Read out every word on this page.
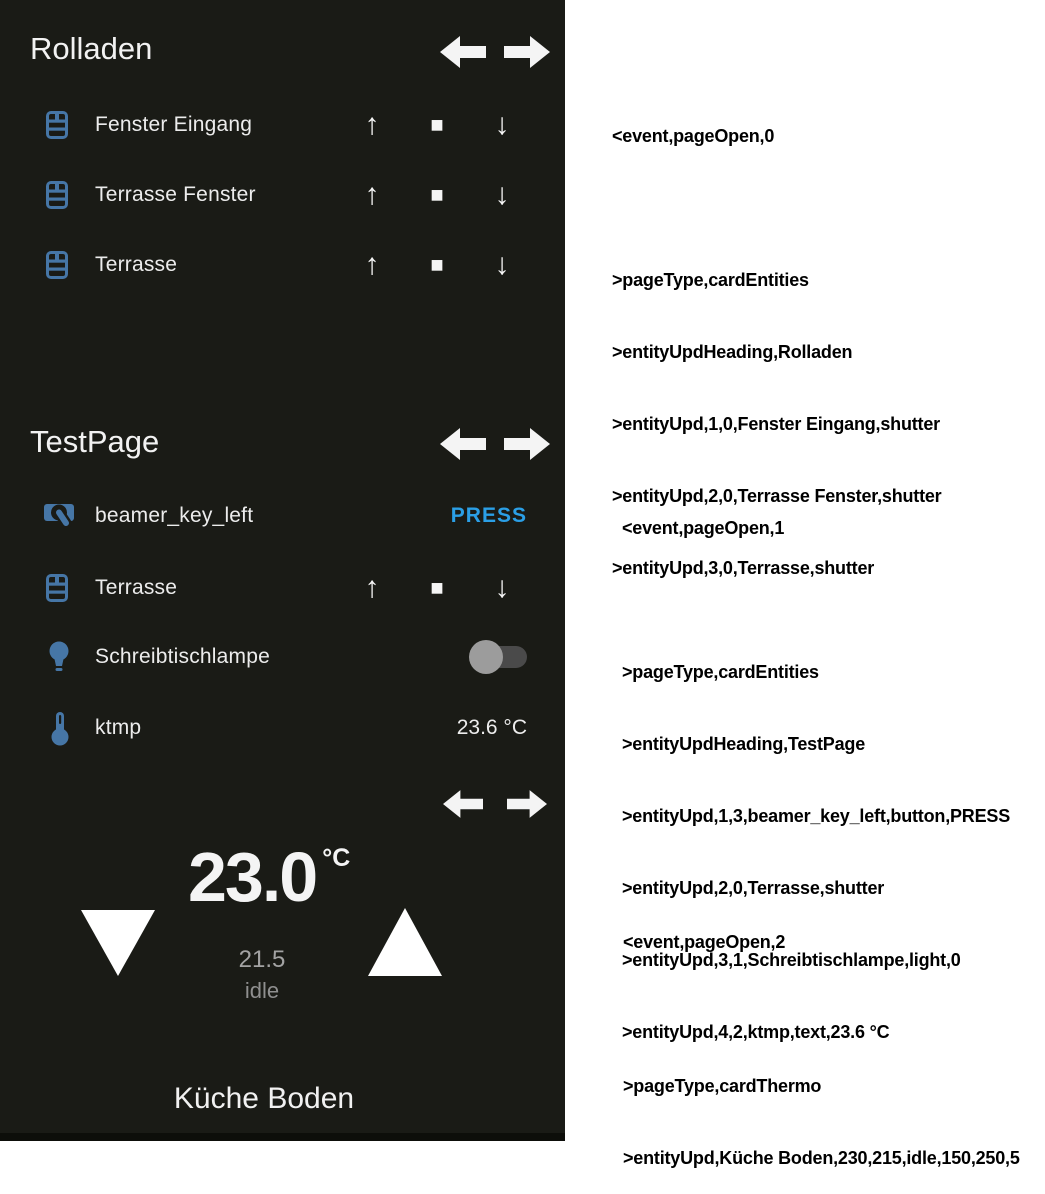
Rolladen
Fenster Eingang	↑	■	↓
Terrasse Fenster	↑	■	↓
Terrasse	↑	■	↓
TestPage
beamer_key_left	PRESS
Terrasse	↑	■	↓
Schreibtischlampe
ktmp	23.6 °C
23.0 °C
21.5
idle
Küche Boden

<event,pageOpen,0

>pageType,cardEntities

>entityUpdHeading,Rolladen

>entityUpd,1,0,Fenster Eingang,shutter

>entityUpd,2,0,Terrasse Fenster,shutter

>entityUpd,3,0,Terrasse,shutter

<event,pageOpen,1

>pageType,cardEntities

>entityUpdHeading,TestPage

>entityUpd,1,3,beamer_key_left,button,PRESS

>entityUpd,2,0,Terrasse,shutter

>entityUpd,3,1,Schreibtischlampe,light,0

>entityUpd,4,2,ktmp,text,23.6 °C

<event,pageOpen,2

>pageType,cardThermo

>entityUpd,Küche Boden,230,215,idle,150,250,5
